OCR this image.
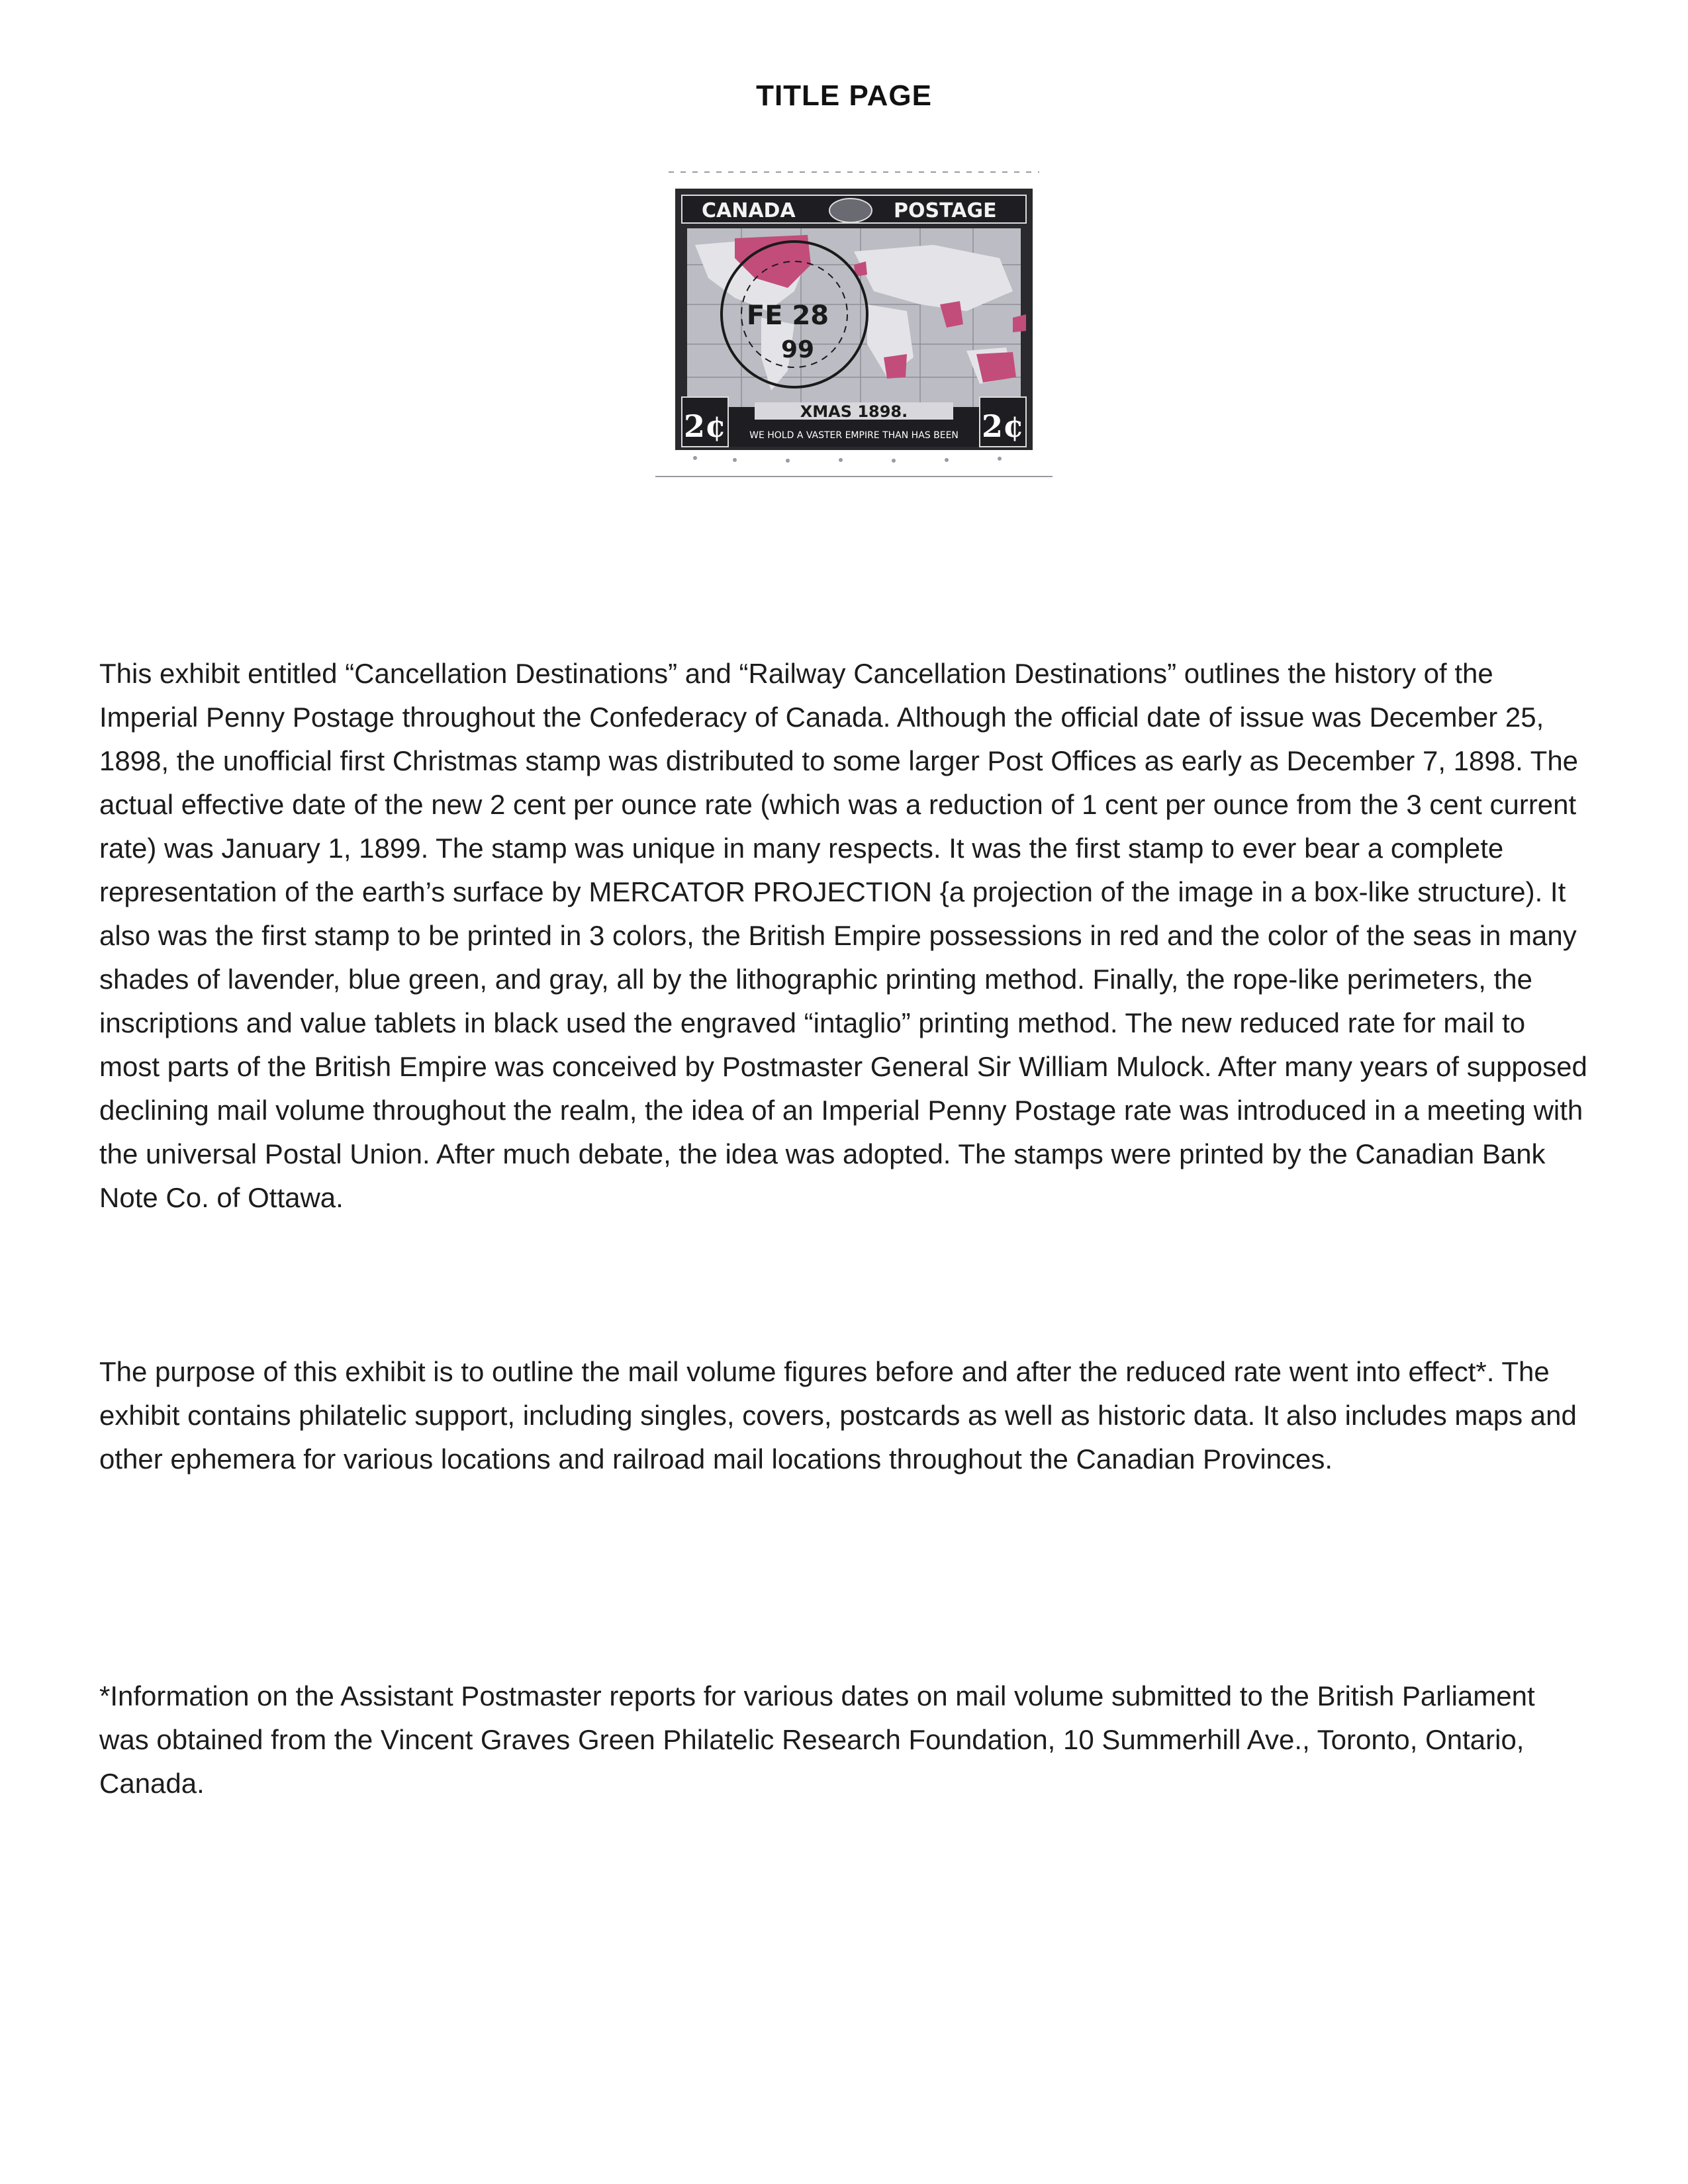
TITLE PAGE
CANADA	POSTAGE
XMAS 1898.
WE HOLD A VASTER EMPIRE THAN HAS BEEN
2¢	2¢
FE 28
99

This exhibit entitled “Cancellation Destinations” and “Railway Cancellation Destinations” outlines the history of the Imperial Penny Postage throughout the Confederacy of Canada. Although the official date of issue was December 25, 1898, the unofficial first Christmas stamp was distributed to some larger Post Offices as early as December 7, 1898. The actual effective date of the new 2 cent per ounce rate (which was a reduction of 1 cent per ounce from the 3 cent current rate) was January 1, 1899. The stamp was unique in many respects. It was the first stamp to ever bear a complete representation of the earth’s surface by MERCATOR PROJECTION {a projection of the image in a box-like structure). It also was the first stamp to be printed in 3 colors, the British Empire possessions in red and the color of the seas in many shades of lavender, blue green, and gray, all by the lithographic printing method. Finally, the rope-like perimeters, the inscriptions and value tablets in black used the engraved “intaglio” printing method. The new reduced rate for mail to most parts of the British Empire was conceived by Postmaster General Sir William Mulock. After many years of supposed declining mail volume throughout the realm, the idea of an Imperial Penny Postage rate was introduced in a meeting with the universal Postal Union. After much debate, the idea was adopted. The stamps were printed by the Canadian Bank Note Co. of Ottawa.

The purpose of this exhibit is to outline the mail volume figures before and after the reduced rate went into effect*. The exhibit contains philatelic support, including singles, covers, postcards as well as historic data. It also includes maps and other ephemera for various locations and railroad mail locations throughout the Canadian Provinces.

*Information on the Assistant Postmaster reports for various dates on mail volume submitted to the British Parliament was obtained from the Vincent Graves Green Philatelic Research Foundation, 10 Summerhill Ave., Toronto, Ontario, Canada.
